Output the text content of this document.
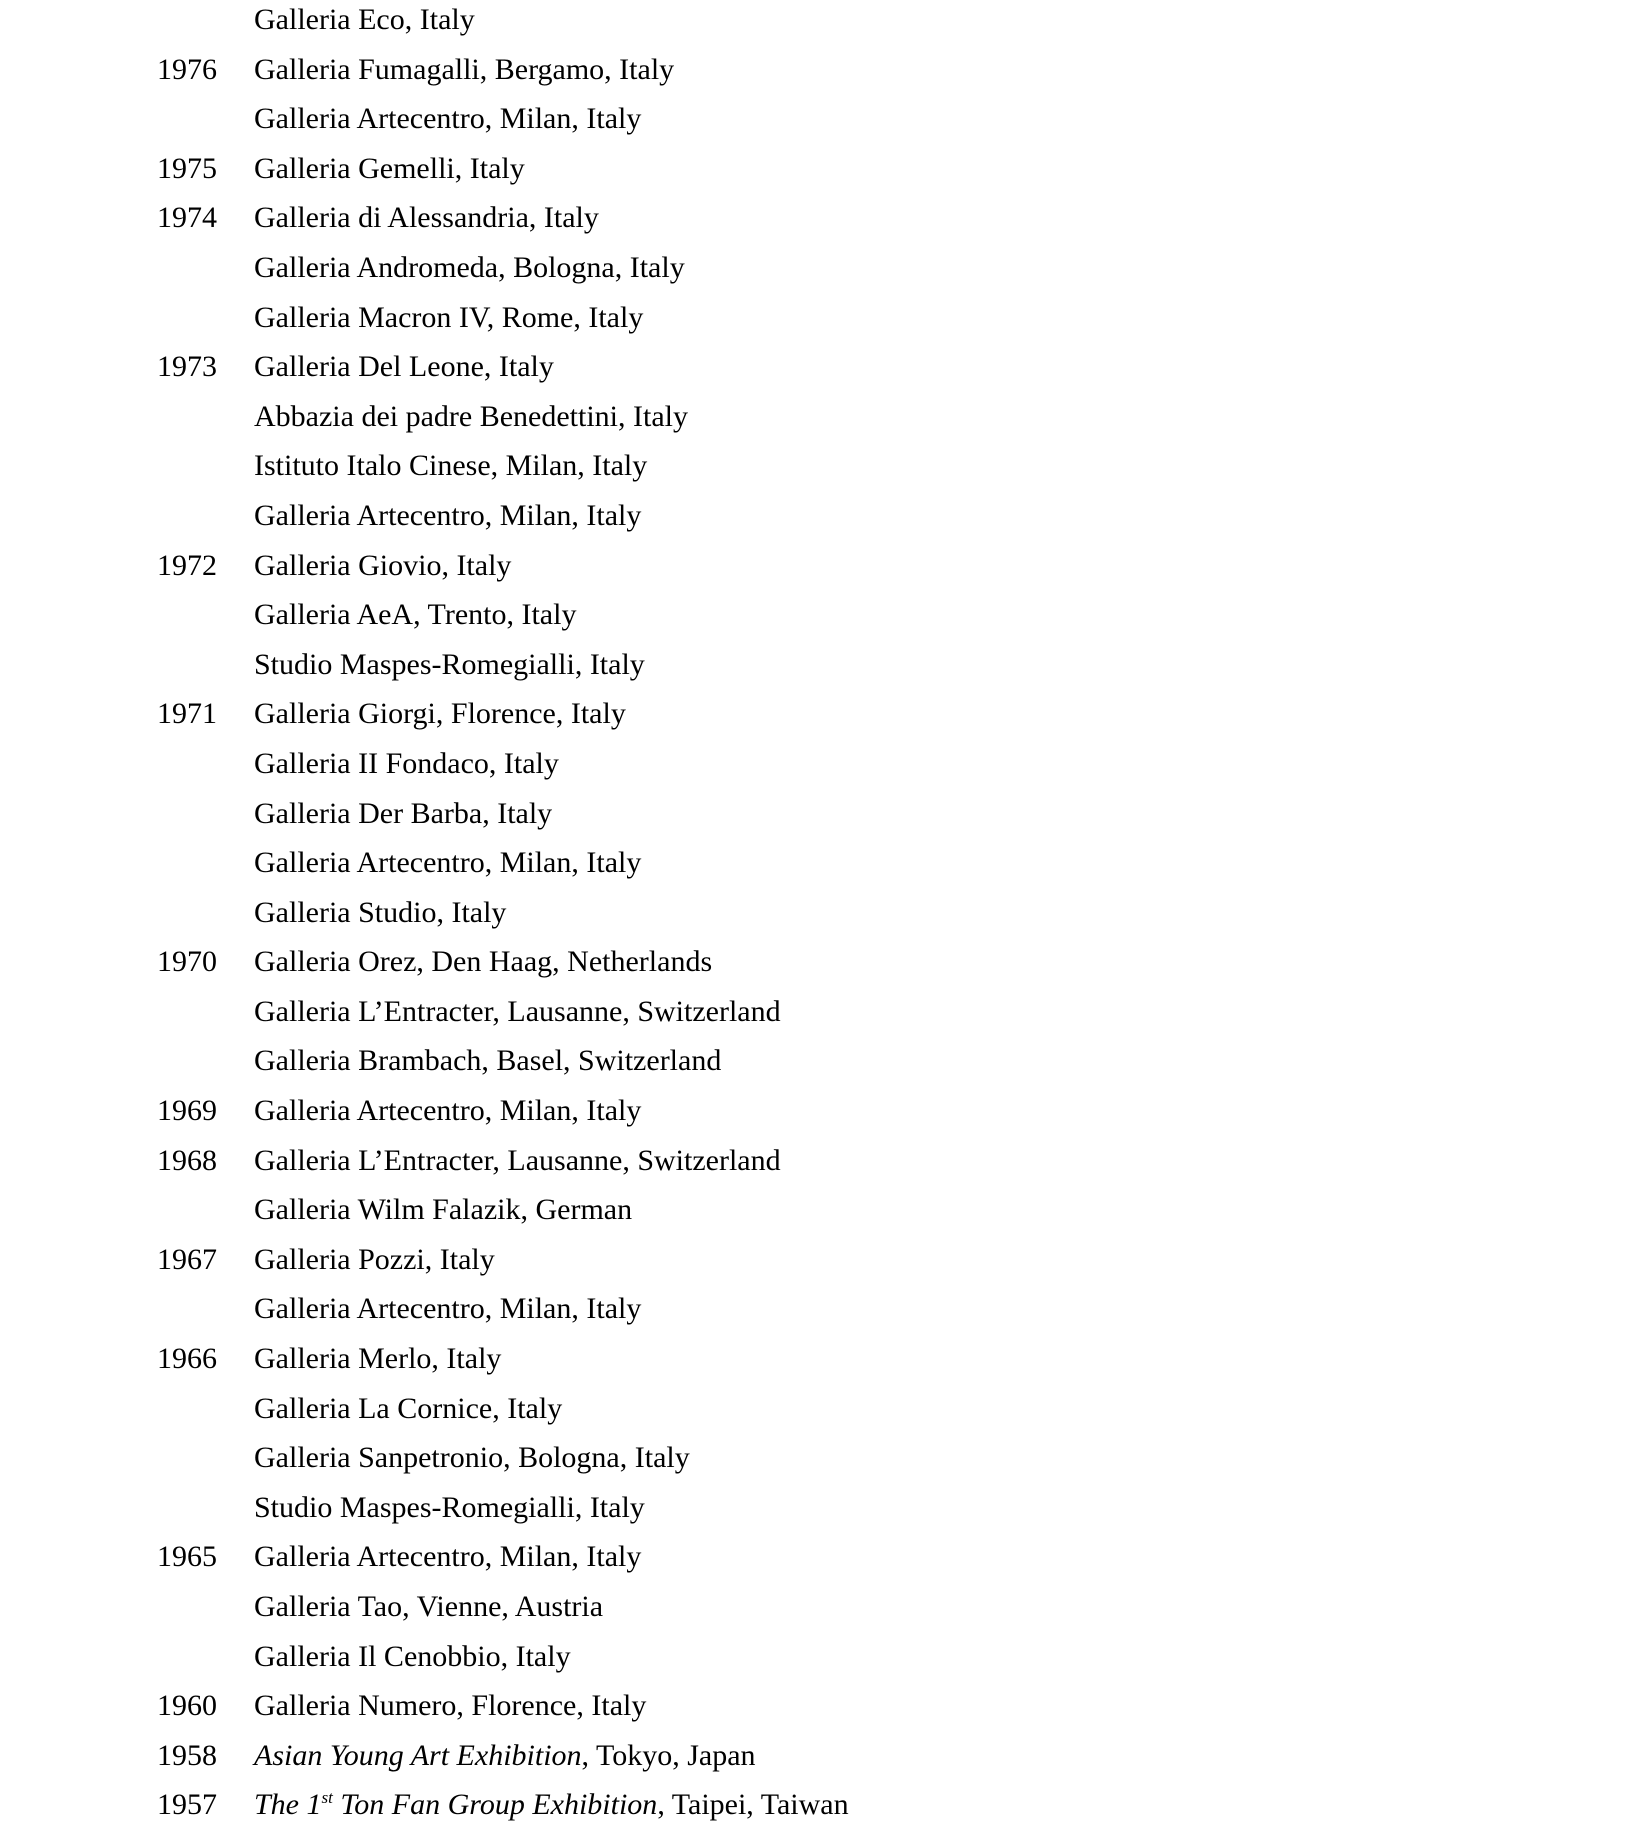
Galleria Eco, Italy
1976 Galleria Fumagalli, Bergamo, Italy
Galleria Artecentro, Milan, Italy
1975 Galleria Gemelli, Italy
1974 Galleria di Alessandria, Italy
Galleria Andromeda, Bologna, Italy
Galleria Macron IV, Rome, Italy
1973 Galleria Del Leone, Italy
Abbazia dei padre Benedettini, Italy
Istituto Italo Cinese, Milan, Italy
Galleria Artecentro, Milan, Italy
1972 Galleria Giovio, Italy
Galleria AeA, Trento, Italy
Studio Maspes-Romegialli, Italy
1971 Galleria Giorgi, Florence, Italy
Galleria II Fondaco, Italy
Galleria Der Barba, Italy
Galleria Artecentro, Milan, Italy
Galleria Studio, Italy
1970 Galleria Orez, Den Haag, Netherlands
Galleria L’Entracter, Lausanne, Switzerland
Galleria Brambach, Basel, Switzerland
1969 Galleria Artecentro, Milan, Italy
1968 Galleria L’Entracter, Lausanne, Switzerland
Galleria Wilm Falazik, German
1967 Galleria Pozzi, Italy
Galleria Artecentro, Milan, Italy
1966 Galleria Merlo, Italy
Galleria La Cornice, Italy
Galleria Sanpetronio, Bologna, Italy
Studio Maspes-Romegialli, Italy
1965 Galleria Artecentro, Milan, Italy
Galleria Tao, Vienne, Austria
Galleria Il Cenobbio, Italy
1960 Galleria Numero, Florence, Italy
1958 Asian Young Art Exhibition, Tokyo, Japan
1957 The 1st Ton Fan Group Exhibition, Taipei, Taiwan
